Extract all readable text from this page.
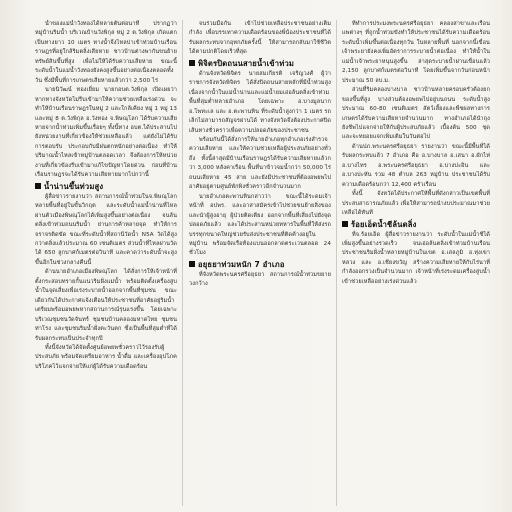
น้ำของแม่น้ำวังทองได้หลายตันต่อนาที ปรากฏว่าหมู่บ้านริมน้ำ บริเวณบ้านวังพิกุล หมู่ 2 ต.วังพิกุล เกิดแตกเป็นทางยาว 10 เมตร ทางน้ำจึงไหลบ่าเข้าท่วมบ้านเรือนราษฎรที่อยู่ใกล้ริมตลิ่งเสียหาย ชาวบ้านต่างพากันขนย้ายทรัพย์สินขึ้นที่สูง เพื่อไม่ให้ได้รับความเสียหาย ขณะนี้ระดับน้ำในแม่น้ำวังทองยังคงสูงขึ้นอย่างต่อเนื่องตลอดทั้งวัน ซึ่งมีพื้นที่การเกษตรเสียหายแล้วกว่า 2,500 ไร่

นายนิวัฒน์ ทองเยี่ยม นายกอบต.วังพิกุล เปิดเผยว่า หากทางจังหวัดไม่รีบเข้ามาให้ความช่วยเหลือเร่งด่วน จะทำให้บ้านเรือนราษฎรในหมู่ 2 และใกล้เคียง หมู่ 1 หมู่ 13 และหมู่ 8 ต.วังพิกุล อ.วังทอง จ.พิษณุโลก ได้รับความเสียหายจากน้ำท่วมเพิ่มขึ้นเรื่อยๆ ทั้งนี้ทาง อบต.ได้ประสานไปยังหน่วยงานที่เกี่ยวข้องให้ช่วยเหลือแล้ว แต่ยังไม่ได้รับการตอบรับ ประกอบกับมีฝนตกหนักอย่างต่อเนื่อง ทำให้ปริมาณน้ำไหลเข้าหมู่บ้านตลอดเวลา จึงต้องการให้หน่วยงานที่เกี่ยวข้องรีบเข้ามาแก้ไขปัญหาโดยด่วน ก่อนที่บ้านเรือนราษฎรจะได้รับความเสียหายมากไปกว่านี้

น้ำน่านขึ้นท่วมสูง

ผู้สื่อข่าวรายงานว่า สถานการณ์น้ำท่วมในจ.พิษณุโลก หลายพื้นที่อยู่ในขั้นวิกฤต และระดับน้ำแม่น้ำน่านที่ไหลผ่านตัวเมืองพิษณุโลกได้เพิ่มสูงขึ้นอย่างต่อเนื่อง จนล้นตลิ่งเข้าท่วมถนนริมน้ำ ย่านการค้าหลายจุด ทำให้การจราจรติดขัด ขณะที่ระดับน้ำที่สถานีวัดน้ำ N5A วัดได้สูงกว่าตลิ่งแล้วประมาณ 60 เซนติเมตร ส่วนน้ำที่ไหลผ่านวัดได้ 650 ลูกบาศก์เมตรต่อวินาที และคาดว่าระดับน้ำจะสูงขึ้นอีกในช่วงกลางคืนนี้

ด้านนายอำเภอเมืองพิษณุโลก ได้สั่งการให้เจ้าหน้าที่ตั้งกระสอบทรายกั้นแนวริมฝั่งแม่น้ำ พร้อมติดตั้งเครื่องสูบน้ำในจุดเสี่ยงเพื่อเร่งระบายน้ำออกจากพื้นที่ชุมชน ขณะเดียวกันได้ประกาศแจ้งเตือนให้ประชาชนที่อาศัยอยู่ริมน้ำเตรียมพร้อมอพยพหากสถานการณ์รุนแรงขึ้น โดยเฉพาะบริเวณชุมชนวัดจันทร์ ชุมชนบ้านคลองมหาดไทย ชุมชนท่าโรง และชุมชนริมน้ำฝั่งตะวันตก ซึ่งเป็นพื้นที่ลุ่มต่ำที่ได้รับผลกระทบเป็นประจำทุกปี

ทั้งนี้จังหวัดได้จัดตั้งศูนย์อพยพชั่วคราวไว้รองรับผู้ประสบภัย พร้อมจัดเตรียมอาหาร น้ำดื่ม และเครื่องอุปโภคบริโภคไว้แจกจ่ายให้แก่ผู้ได้รับความเดือดร้อน

จนร่วมมือกัน เข้าไปช่วยเหลือประชาชนอย่างเต็มกำลัง เพื่อบรรเทาความเดือดร้อนของพี่น้องประชาชนที่ได้รับผลกระทบจากอุทกภัยครั้งนี้ ให้สามารถกลับมาใช้ชีวิตได้ตามปกติโดยเร็วที่สุด

พิจิตรปิดถนนสายน้ำเข้าท่วม

ด้านจังหวัดพิจิตร นายสมเกียรติ เจริญวงศ์ ผู้ว่าราชการจังหวัดพิจิตร ได้สั่งปิดถนนสายหลักที่มีน้ำท่วมสูง เนื่องจากน้ำในแม่น้ำน่านและแม่น้ำยมเอ่อล้นตลิ่งเข้าท่วมพื้นที่ลุ่มต่ำหลายอำเภอ โดยเฉพาะ อ.บางมูลนาก อ.โพทะเล และ อ.ตะพานหิน ที่ระดับน้ำสูงกว่า 1 เมตร รถเล็กไม่สามารถสัญจรผ่านได้ ทางจังหวัดจึงต้องประกาศปิดเส้นทางชั่วคราวเพื่อความปลอดภัยของประชาชน

พร้อมกันนี้ได้สั่งการให้นายอำเภอทุกอำเภอเร่งสำรวจความเสียหาย และให้ความช่วยเหลือผู้ประสบภัยอย่างทั่วถึง ทั้งนี้ล่าสุดมีบ้านเรือนราษฎรได้รับความเสียหายแล้วกว่า 3,000 หลังคาเรือน พื้นที่นาข้าวจมน้ำกว่า 50,000 ไร่ ถนนเสียหาย 45 สาย และยังมีประชาชนที่ต้องอพยพไปอาศัยอยู่ตามศูนย์พักพิงชั่วคราวอีกจำนวนมาก

นายอำเภอตะพานหินกล่าวว่า ขณะนี้ได้ระดมเจ้าหน้าที่ อปพร. และอาสาสมัครเข้าไปช่วยขนย้ายสิ่งของและนำผู้สูงอายุ ผู้ป่วยติดเตียง ออกจากพื้นที่เสี่ยงไปยังจุดปลอดภัยแล้ว และได้ประสานหน่วยทหารในพื้นที่ให้ส่งรถบรรทุกขนาดใหญ่ช่วยรับส่งประชาชนที่ติดค้างอยู่ในหมู่บ้าน พร้อมจัดเรือท้องแบนออกลาดตระเวนตลอด 24 ชั่วโมง

อยุธยาท่วมหนัก 7 อำเภอ

ที่จังหวัดพระนครศรีอยุธยา สถานการณ์น้ำท่วมขยายวงกว้าง

ที่ทำการประมงพระนครศรีอยุธยา คลองสาขาและเรือนแพต่างๆ ที่ถูกน้ำท่วมขังทำให้ประชาชนได้รับความเดือดร้อน ระดับน้ำเพิ่มขึ้นต่อเนื่องทุกวัน ในหลายพื้นที่ นอกจากนี้เขื่อนเจ้าพระยายังคงเพิ่มอัตราการระบายน้ำต่อเนื่อง ทำให้น้ำในแม่น้ำเจ้าพระยาหนุนสูงขึ้น ล่าสุดระบายน้ำผ่านเขื่อนแล้ว 2,150 ลูกบาศก์เมตรต่อวินาที โดยเพิ่มขึ้นจากวันก่อนหน้าประมาณ 50 ลบ.ม.

ส่วนที่ริมคลองบางบาล ชาวบ้านหลายครอบครัวต้องยกของขึ้นที่สูง บางส่วนต้องอพยพไปอยู่บนถนน ระดับน้ำสูงประมาณ 60-80 เซนติเมตร สัตว์เลี้ยงและพืชผลทางการเกษตรได้รับความเสียหายจำนวนมาก ทางอำเภอได้นำถุงยังชีพไปแจกจ่ายให้กับผู้ประสบภัยแล้ว เบื้องต้น 500 ชุด และจะทยอยแจกเพิ่มเติมในวันต่อไป

ด้านปภ.พระนครศรีอยุธยา รายงานว่า ขณะนี้มีพื้นที่ได้รับผลกระทบแล้ว 7 อำเภอ คือ อ.บางบาล อ.เสนา อ.ผักไห่ อ.บางไทร อ.พระนครศรีอยุธยา อ.บางปะอิน และ อ.บางปะหัน รวม 48 ตำบล 263 หมู่บ้าน ประชาชนได้รับความเดือดร้อนกว่า 12,400 ครัวเรือน

ทั้งนี้ จังหวัดได้ประกาศให้พื้นที่ดังกล่าวเป็นเขตพื้นที่ประสบสาธารณภัยแล้ว เพื่อให้สามารถนำงบประมาณมาช่วยเหลือได้ทันที

ร้อยเอ็ดน้ำชีล้นตลิ่ง

ที่จ.ร้อยเอ็ด ผู้สื่อข่าวรายงานว่า ระดับน้ำในแม่น้ำชีได้เพิ่มสูงขึ้นอย่างรวดเร็ว จนเอ่อล้นตลิ่งเข้าท่วมบ้านเรือนประชาชนริมฝั่งน้ำหลายหมู่บ้านในเขต อ.เสลภูมิ อ.ทุ่งเขาหลวง และ อ.เชียงขวัญ สร้างความเสียหายให้กับไร่นาที่กำลังออกรวงเป็นจำนวนมาก เจ้าหน้าที่เร่งระดมเครื่องสูบน้ำเข้าช่วยเหลืออย่างเร่งด่วนแล้ว
